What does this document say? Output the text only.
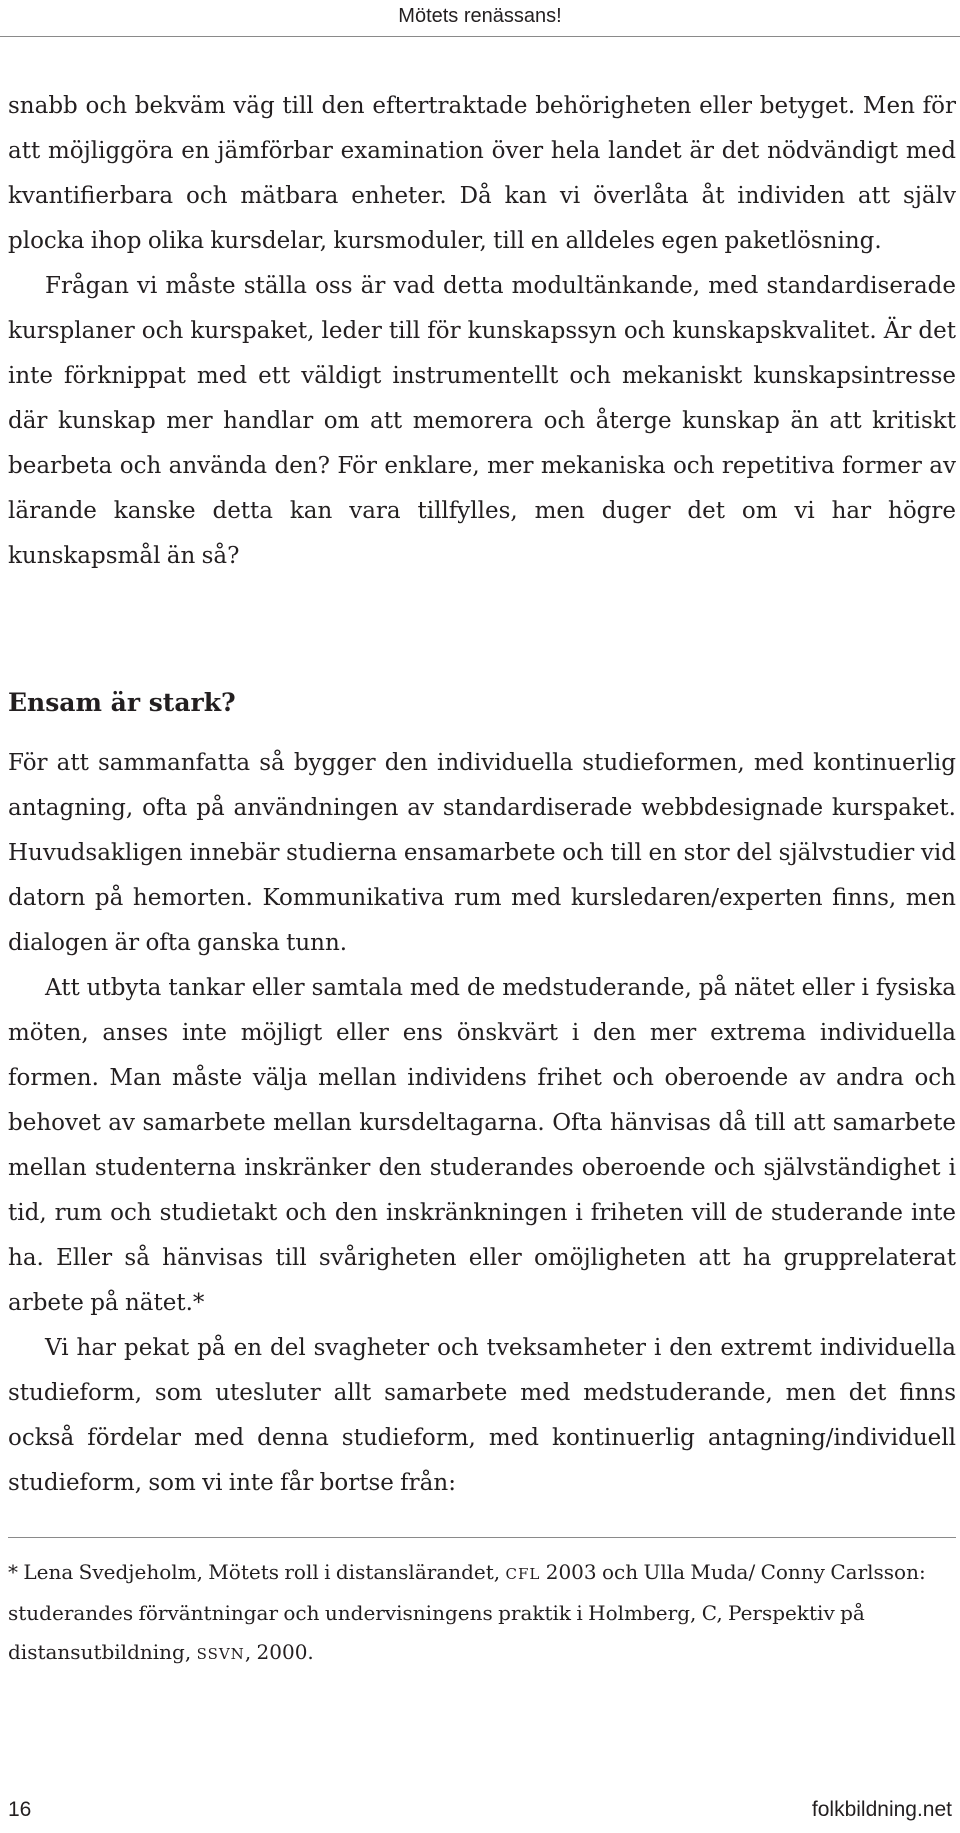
Mötets renässans!

snabb och bekväm väg till den eftertraktade behörigheten eller betyget. Men för att möjliggöra en jämförbar examination över hela landet är det nödvändigt med kvantifierbara och mätbara enheter. Då kan vi överlåta åt individen att själv plocka ihop olika kursdelar, kursmoduler, till en alldeles egen paketlösning.

Frågan vi måste ställa oss är vad detta modultänkande, med standardiserade kursplaner och kurspaket, leder till för kunskapssyn och kunskapskvalitet. Är det inte förknippat med ett väldigt instrumentellt och mekaniskt kunskapsintresse där kunskap mer handlar om att memorera och återge kunskap än att kritiskt bearbeta och använda den? För enklare, mer mekaniska och repetitiva former av lärande kanske detta kan vara tillfylles, men duger det om vi har högre kunskapsmål än så?

Ensam är stark?

För att sammanfatta så bygger den individuella studieformen, med kontinuerlig antagning, ofta på användningen av standardiserade webbdesignade kurspaket. Huvudsakligen innebär studierna ensamarbete och till en stor del självstudier vid datorn på hemorten. Kommunikativa rum med kursledaren/experten finns, men dialogen är ofta ganska tunn.

Att utbyta tankar eller samtala med de medstuderande, på nätet eller i fysiska möten, anses inte möjligt eller ens önskvärt i den mer extrema individuella formen. Man måste välja mellan individens frihet och oberoende av andra och behovet av samarbete mellan kursdeltagarna. Ofta hänvisas då till att samarbete mellan studenterna inskränker den studerandes oberoende och självständighet i tid, rum och studietakt och den inskränkningen i friheten vill de studerande inte ha. Eller så hänvisas till svårigheten eller omöjligheten att ha grupprelaterat arbete på nätet.*

Vi har pekat på en del svagheter och tveksamheter i den extremt individuella studieform, som utesluter allt samarbete med medstuderande, men det finns också fördelar med denna studieform, med kontinuerlig antagning/individuell studieform, som vi inte får bortse från:

* Lena Svedjeholm, Mötets roll i distanslärandet, CFL 2003 och Ulla Muda/ Conny Carlsson: studerandes förväntningar och undervisningens praktik i Holmberg, C, Perspektiv på distansutbildning, SSVN, 2000.

16	folkbildning.net
